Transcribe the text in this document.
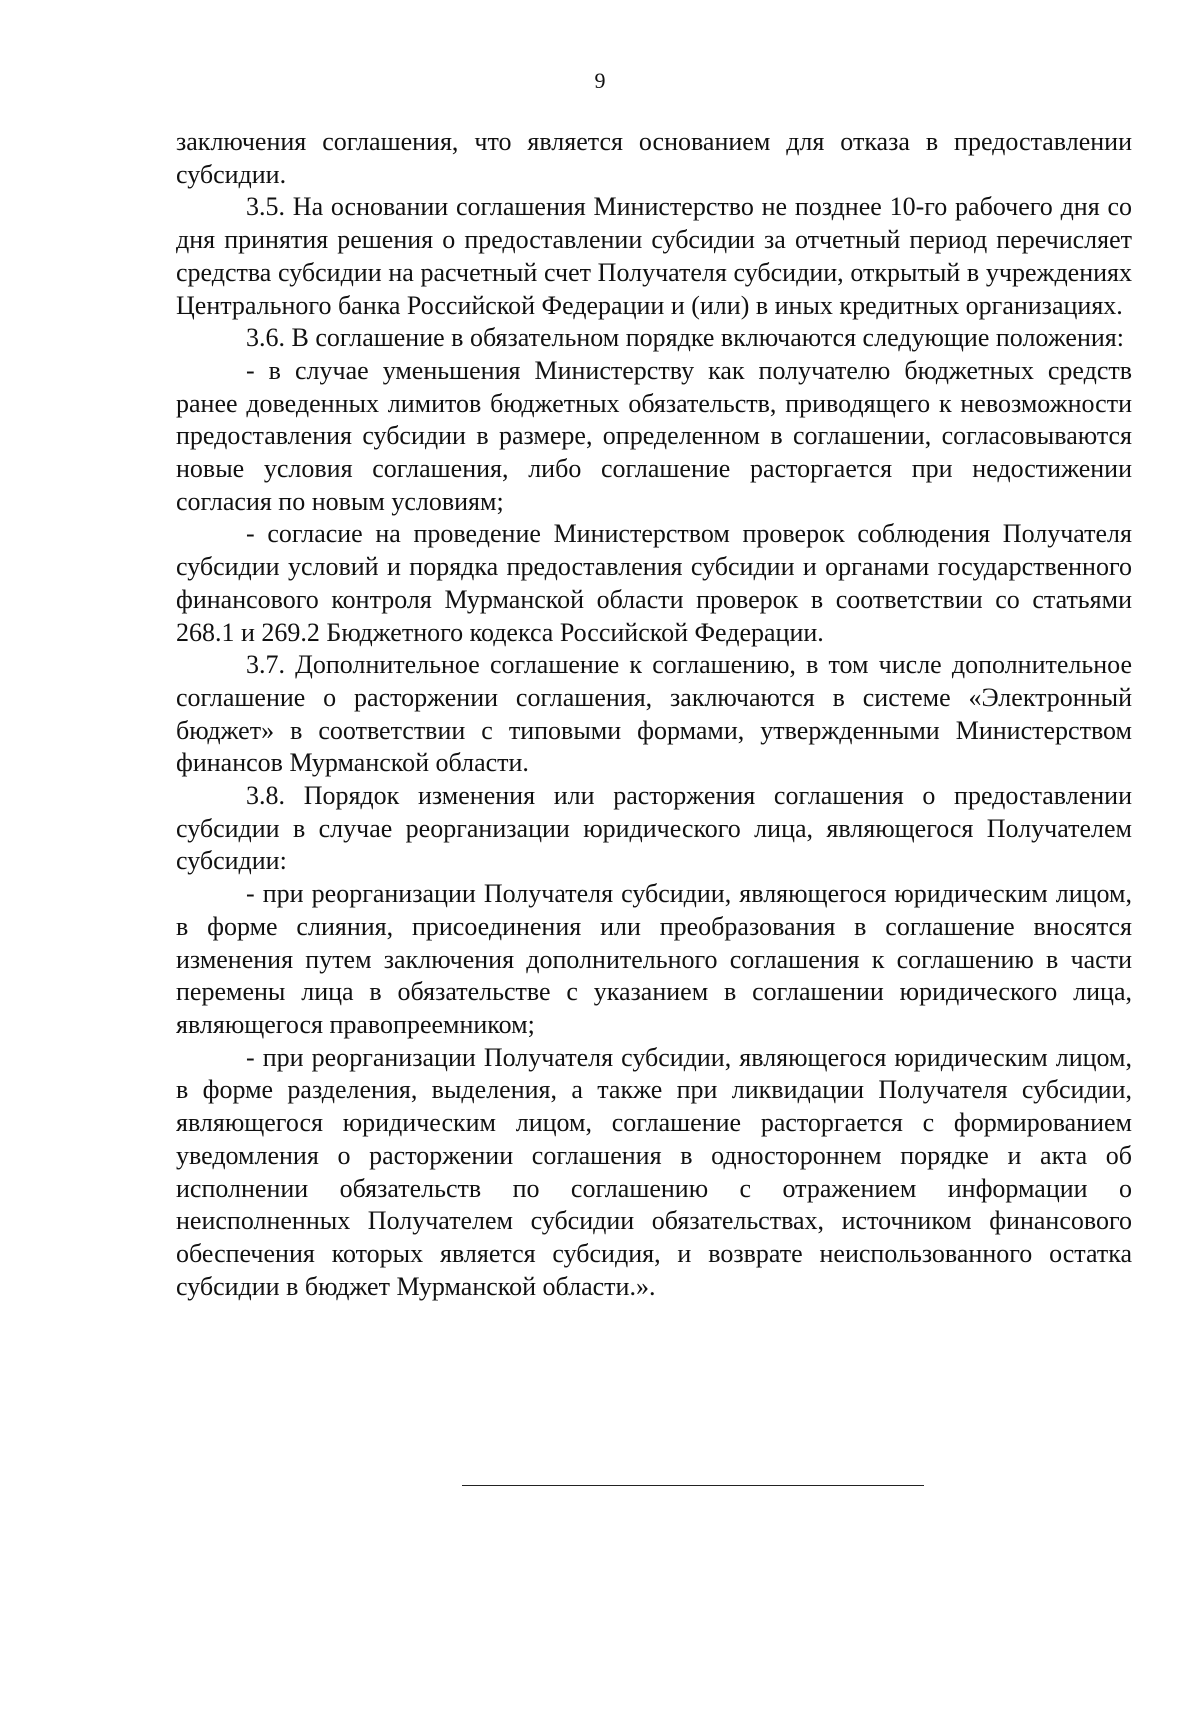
9

заключения соглашения, что является основанием для отказа в предоставлении субсидии.

3.5. На основании соглашения Министерство не позднее 10-го рабочего дня со дня принятия решения о предоставлении субсидии за отчетный период перечисляет средства субсидии на расчетный счет Получателя субсидии, открытый в учреждениях Центрального банка Российской Федерации и (или) в иных кредитных организациях.

3.6. В соглашение в обязательном порядке включаются следующие положения:

- в случае уменьшения Министерству как получателю бюджетных средств ранее доведенных лимитов бюджетных обязательств, приводящего к невозможности предоставления субсидии в размере, определенном в соглашении, согласовываются новые условия соглашения, либо соглашение расторгается при недостижении согласия по новым условиям;

- согласие на проведение Министерством проверок соблюдения Получателя субсидии условий и порядка предоставления субсидии и органами государственного финансового контроля Мурманской области проверок в соответствии со статьями 268.1 и 269.2 Бюджетного кодекса Российской Федерации.

3.7. Дополнительное соглашение к соглашению, в том числе дополнительное соглашение о расторжении соглашения, заключаются в системе «Электронный бюджет» в соответствии с типовыми формами, утвержденными Министерством финансов Мурманской области.

3.8. Порядок изменения или расторжения соглашения о предоставлении субсидии в случае реорганизации юридического лица, являющегося Получателем субсидии:

- при реорганизации Получателя субсидии, являющегося юридическим лицом, в форме слияния, присоединения или преобразования в соглашение вносятся изменения путем заключения дополнительного соглашения к соглашению в части перемены лица в обязательстве с указанием в соглашении юридического лица, являющегося правопреемником;

- при реорганизации Получателя субсидии, являющегося юридическим лицом, в форме разделения, выделения, а также при ликвидации Получателя субсидии, являющегося юридическим лицом, соглашение расторгается с формированием уведомления о расторжении соглашения в одностороннем порядке и акта об исполнении обязательств по соглашению с отражением информации о неисполненных Получателем субсидии обязательствах, источником финансового обеспечения которых является субсидия, и возврате неиспользованного остатка субсидии в бюджет Мурманской области.».
